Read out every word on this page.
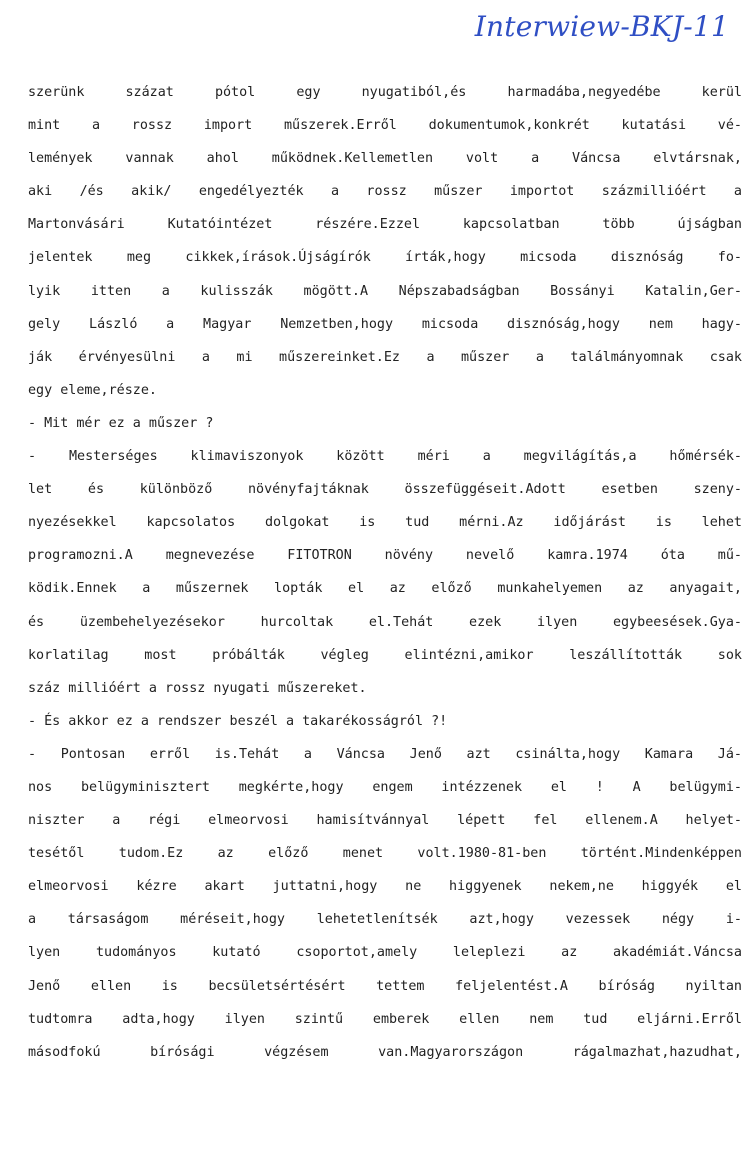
Interwiew-BKJ-11
szerünk százat pótol egy nyugatiból,és harmadába,negyedébe kerül
mint a rossz import műszerek.Erről dokumentumok,konkrét kutatási vé-
lemények vannak ahol működnek.Kellemetlen volt a Váncsa elvtársnak,
aki /és akik/ engedélyezték a rossz műszer importot százmillióért a
Martonvásári Kutatóintézet részére.Ezzel kapcsolatban több újságban
jelentek meg cikkek,írások.Újságírók írták,hogy micsoda disznóság fo-
lyik itten a kulisszák mögött.A Népszabadságban Bossányi Katalin,Ger-
gely László a Magyar Nemzetben,hogy micsoda disznóság,hogy nem hagy-
ják érvényesülni a mi műszereinket.Ez a műszer a találmányomnak csak
egy eleme,része.
- Mit mér ez a műszer ?
- Mesterséges klimaviszonyok között méri a megvilágítás,a hőmérsék-
let és különböző növényfajtáknak összefüggéseit.Adott esetben szeny-
nyezésekkel kapcsolatos dolgokat is tud mérni.Az időjárást is lehet
programozni.A megnevezése FITOTRON növény nevelő kamra.1974 óta mű-
ködik.Ennek a műszernek lopták el az előző munkahelyemen az anyagait,
és üzembehelyezésekor hurcoltak el.Tehát ezek ilyen egybeesések.Gya-
korlatilag most próbálták végleg elintézni,amikor leszállították sok
száz millióért a rossz nyugati műszereket.
- És akkor ez a rendszer beszél a takarékosságról ?!
- Pontosan erről is.Tehát a Váncsa Jenő azt csinálta,hogy Kamara Já-
nos belügyminisztert megkérte,hogy engem intézzenek el ! A belügymi-
niszter a régi elmeorvosi hamisítvánnyal lépett fel ellenem.A helyet-
tesétől tudom.Ez az előző menet volt.1980-81-ben történt.Mindenképpen
elmeorvosi kézre akart juttatni,hogy ne higgyenek nekem,ne higgyék el
a társaságom méréseit,hogy lehetetlenítsék azt,hogy vezessek négy i-
lyen tudományos kutató csoportot,amely leleplezi az akadémiát.Váncsa
Jenő ellen is becsületsértésért tettem feljelentést.A bíróság nyiltan
tudtomra adta,hogy ilyen szintű emberek ellen nem tud eljárni.Erről
másodfokú bírósági végzésem van.Magyarországon rágalmazhat,hazudhat,
